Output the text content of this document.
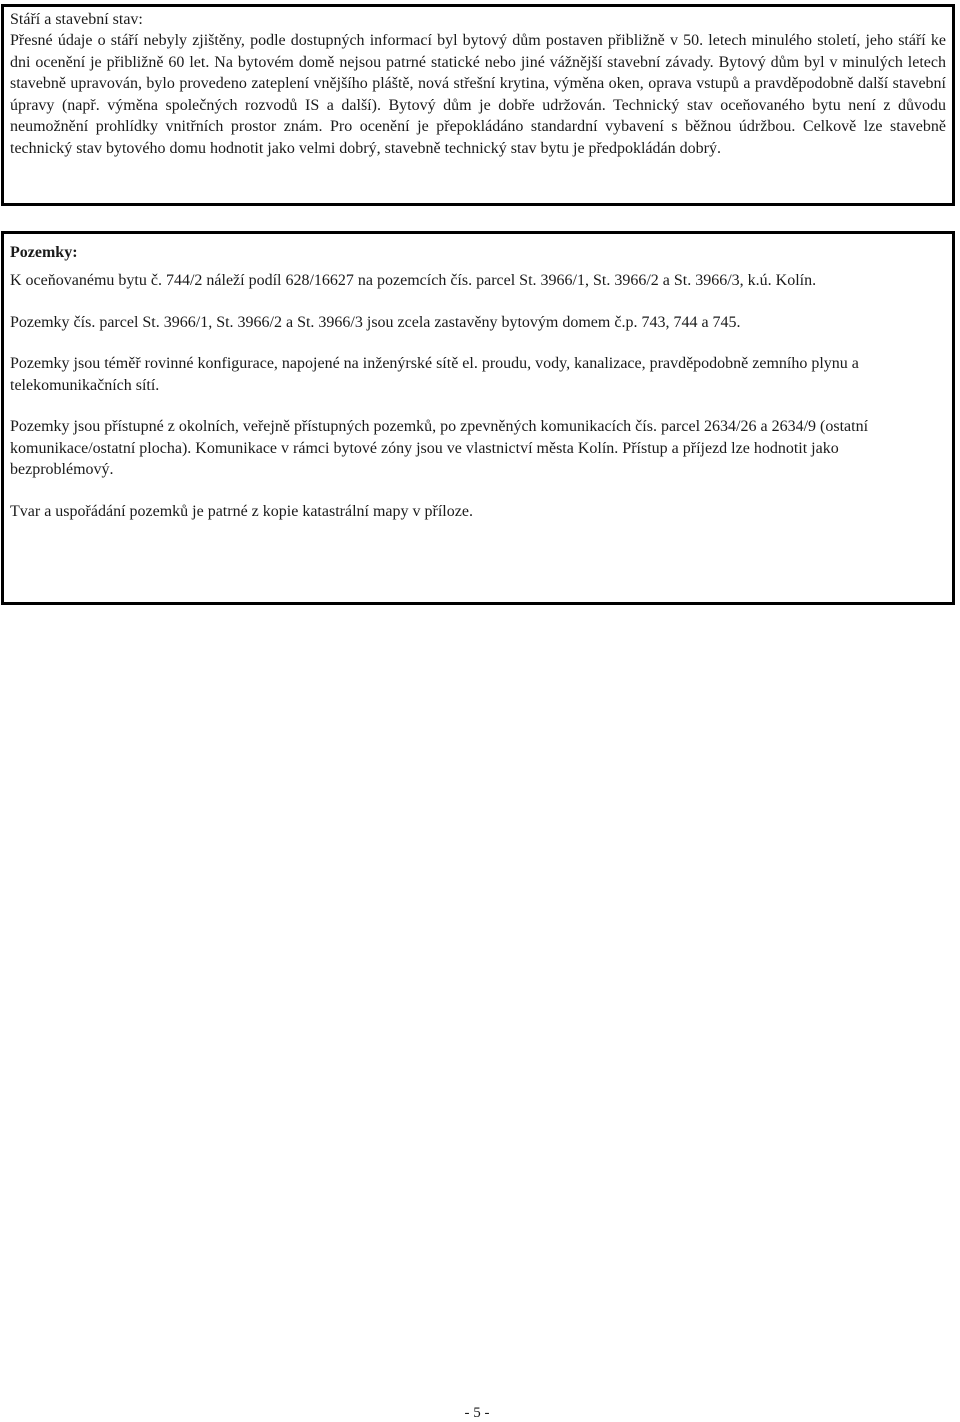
Stáří a stavební stav:

Přesné údaje o stáří nebyly zjištěny, podle dostupných informací byl bytový dům postaven přibližně v 50. letech minulého století, jeho stáří ke dni ocenění je přibližně 60 let. Na bytovém domě nejsou patrné statické nebo jiné vážnější stavební závady. Bytový dům byl v minulých letech stavebně upravován, bylo provedeno zateplení vnějšího pláště, nová střešní krytina, výměna oken, oprava vstupů a pravděpodobně další stavební úpravy (např. výměna společných rozvodů IS a další). Bytový dům je dobře udržován. Technický stav oceňovaného bytu není z důvodu neumožnění prohlídky vnitřních prostor znám. Pro ocenění je přepokládáno standardní vybavení s běžnou údržbou. Celkově lze stavebně technický stav bytového domu hodnotit jako velmi dobrý, stavebně technický stav bytu je předpokládán dobrý.

Pozemky:

K oceňovanému bytu č. 744/2 náleží podíl 628/16627 na pozemcích čís. parcel St. 3966/1, St. 3966/2 a St. 3966/3, k.ú. Kolín.

Pozemky čís. parcel St. 3966/1, St. 3966/2 a St. 3966/3 jsou zcela zastavěny bytovým domem č.p. 743, 744 a 745.

Pozemky jsou téměř rovinné konfigurace, napojené na inženýrské sítě el. proudu, vody, kanalizace, pravděpodobně zemního plynu a telekomunikačních sítí.

Pozemky jsou přístupné z okolních, veřejně přístupných pozemků, po zpevněných komunikacích čís. parcel 2634/26 a 2634/9 (ostatní komunikace/ostatní plocha). Komunikace v rámci bytové zóny jsou ve vlastnictví města Kolín. Přístup a příjezd lze hodnotit jako bezproblémový.

Tvar a uspořádání pozemků je patrné z kopie katastrální mapy v příloze.

- 5 -
